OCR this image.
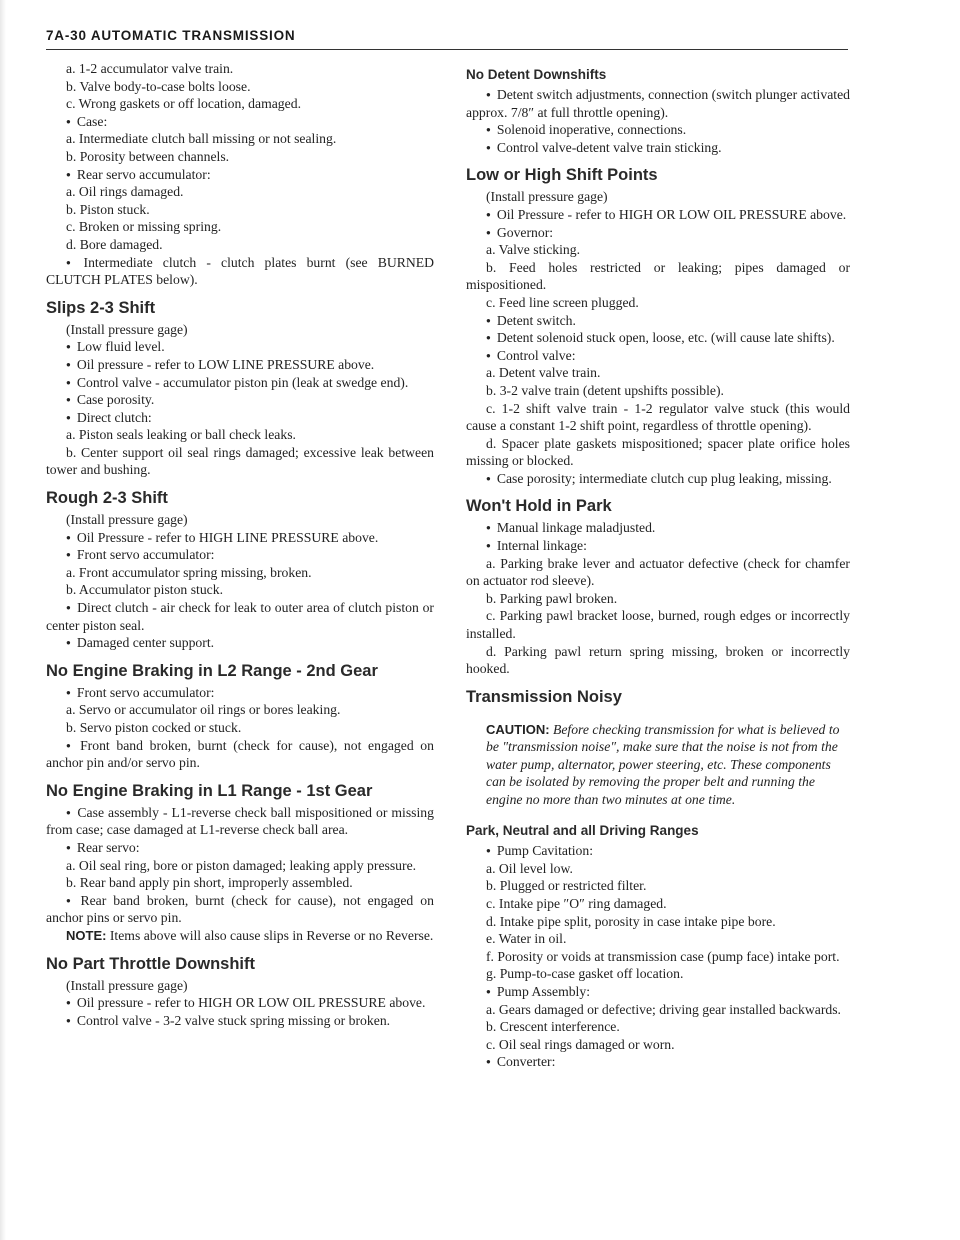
7A-30 AUTOMATIC TRANSMISSION

a. 1-2 accumulator valve train.

b. Valve body-to-case bolts loose.

c. Wrong gaskets or off location, damaged.

● Case:

a. Intermediate clutch ball missing or not sealing.

b. Porosity between channels.

● Rear servo accumulator:

a. Oil rings damaged.

b. Piston stuck.

c. Broken or missing spring.

d. Bore damaged.

● Intermediate clutch - clutch plates burnt (see BURNED CLUTCH PLATES below).

Slips 2-3 Shift

(Install pressure gage)

● Low fluid level.

● Oil pressure - refer to LOW LINE PRESSURE above.

● Control valve - accumulator piston pin (leak at swedge end).

● Case porosity.

● Direct clutch:

a. Piston seals leaking or ball check leaks.

b. Center support oil seal rings damaged; excessive leak between tower and bushing.

Rough 2-3 Shift

(Install pressure gage)

● Oil Pressure - refer to HIGH LINE PRESSURE above.

● Front servo accumulator:

a. Front accumulator spring missing, broken.

b. Accumulator piston stuck.

● Direct clutch - air check for leak to outer area of clutch piston or center piston seal.

● Damaged center support.

No Engine Braking in L2 Range - 2nd Gear

● Front servo accumulator:

a. Servo or accumulator oil rings or bores leaking.

b. Servo piston cocked or stuck.

● Front band broken, burnt (check for cause), not engaged on anchor pin and/or servo pin.

No Engine Braking in L1 Range - 1st Gear

● Case assembly - L1-reverse check ball mispositioned or missing from case; case damaged at L1-reverse check ball area.

● Rear servo:

a. Oil seal ring, bore or piston damaged; leaking apply pressure.

b. Rear band apply pin short, improperly assembled.

● Rear band broken, burnt (check for cause), not engaged on anchor pins or servo pin.

NOTE: Items above will also cause slips in Reverse or no Reverse.

No Part Throttle Downshift

(Install pressure gage)

● Oil pressure - refer to HIGH OR LOW OIL PRESSURE above.

● Control valve - 3-2 valve stuck spring missing or broken.

No Detent Downshifts

● Detent switch adjustments, connection (switch plunger activated approx. 7/8″ at full throttle opening).

● Solenoid inoperative, connections.

● Control valve-detent valve train sticking.

Low or High Shift Points

(Install pressure gage)

● Oil Pressure - refer to HIGH OR LOW OIL PRESSURE above.

● Governor:

a. Valve sticking.

b. Feed holes restricted or leaking; pipes damaged or mispositioned.

c. Feed line screen plugged.

● Detent switch.

● Detent solenoid stuck open, loose, etc. (will cause late shifts).

● Control valve:

a. Detent valve train.

b. 3-2 valve train (detent upshifts possible).

c. 1-2 shift valve train - 1-2 regulator valve stuck (this would cause a constant 1-2 shift point, regardless of throttle opening).

d. Spacer plate gaskets mispositioned; spacer plate orifice holes missing or blocked.

● Case porosity; intermediate clutch cup plug leaking, missing.

Won't Hold in Park

● Manual linkage maladjusted.

● Internal linkage:

a. Parking brake lever and actuator defective (check for chamfer on actuator rod sleeve).

b. Parking pawl broken.

c. Parking pawl bracket loose, burned, rough edges or incorrectly installed.

d. Parking pawl return spring missing, broken or incorrectly hooked.

Transmission Noisy

CAUTION: Before checking transmission for what is believed to be ″transmission noise″, make sure that the noise is not from the water pump, alternator, power steering, etc. These components can be isolated by removing the proper belt and running the engine no more than two minutes at one time.

Park, Neutral and all Driving Ranges

● Pump Cavitation:

a. Oil level low.

b. Plugged or restricted filter.

c. Intake pipe ″O″ ring damaged.

d. Intake pipe split, porosity in case intake pipe bore.

e. Water in oil.

f. Porosity or voids at transmission case (pump face) intake port.

g. Pump-to-case gasket off location.

● Pump Assembly:

a. Gears damaged or defective; driving gear installed backwards.

b. Crescent interference.

c. Oil seal rings damaged or worn.

● Converter:
